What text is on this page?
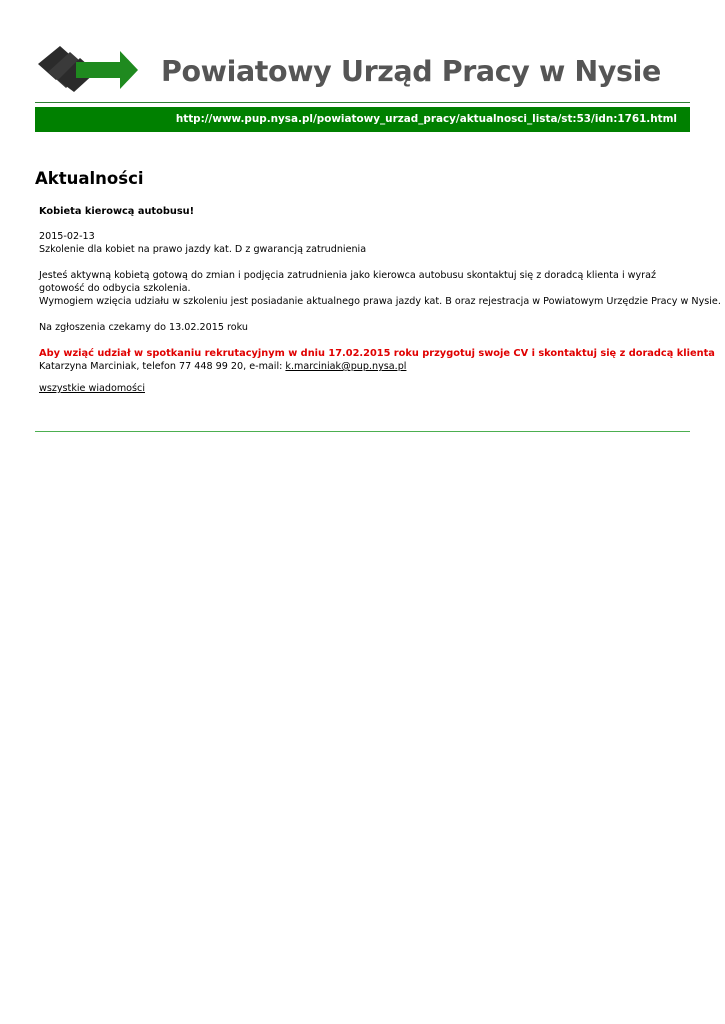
Powiatowy Urząd Pracy w Nysie
http://www.pup.nysa.pl/powiatowy_urzad_pracy/aktualnosci_lista/st:53/idn:1761.html
Aktualności
Kobieta kierowcą autobusu!
2015-02-13
Szkolenie dla kobiet na prawo jazdy kat. D z gwarancją zatrudnienia
Jesteś aktywną kobietą gotową do zmian i podjęcia zatrudnienia jako kierowca autobusu skontaktuj się z doradcą klienta i wyraź gotowość do odbycia szkolenia.
Wymogiem wzięcia udziału w szkoleniu jest posiadanie aktualnego prawa jazdy kat. B oraz rejestracja w Powiatowym Urzędzie Pracy w Nysie.
Na zgłoszenia czekamy do 13.02.2015 roku
Aby wziąć udział w spotkaniu rekrutacyjnym w dniu 17.02.2015 roku przygotuj swoje CV i skontaktuj się z doradcą klienta
Katarzyna Marciniak, telefon 77 448 99 20, e-mail: k.marciniak@pup.nysa.pl
wszystkie wiadomości
